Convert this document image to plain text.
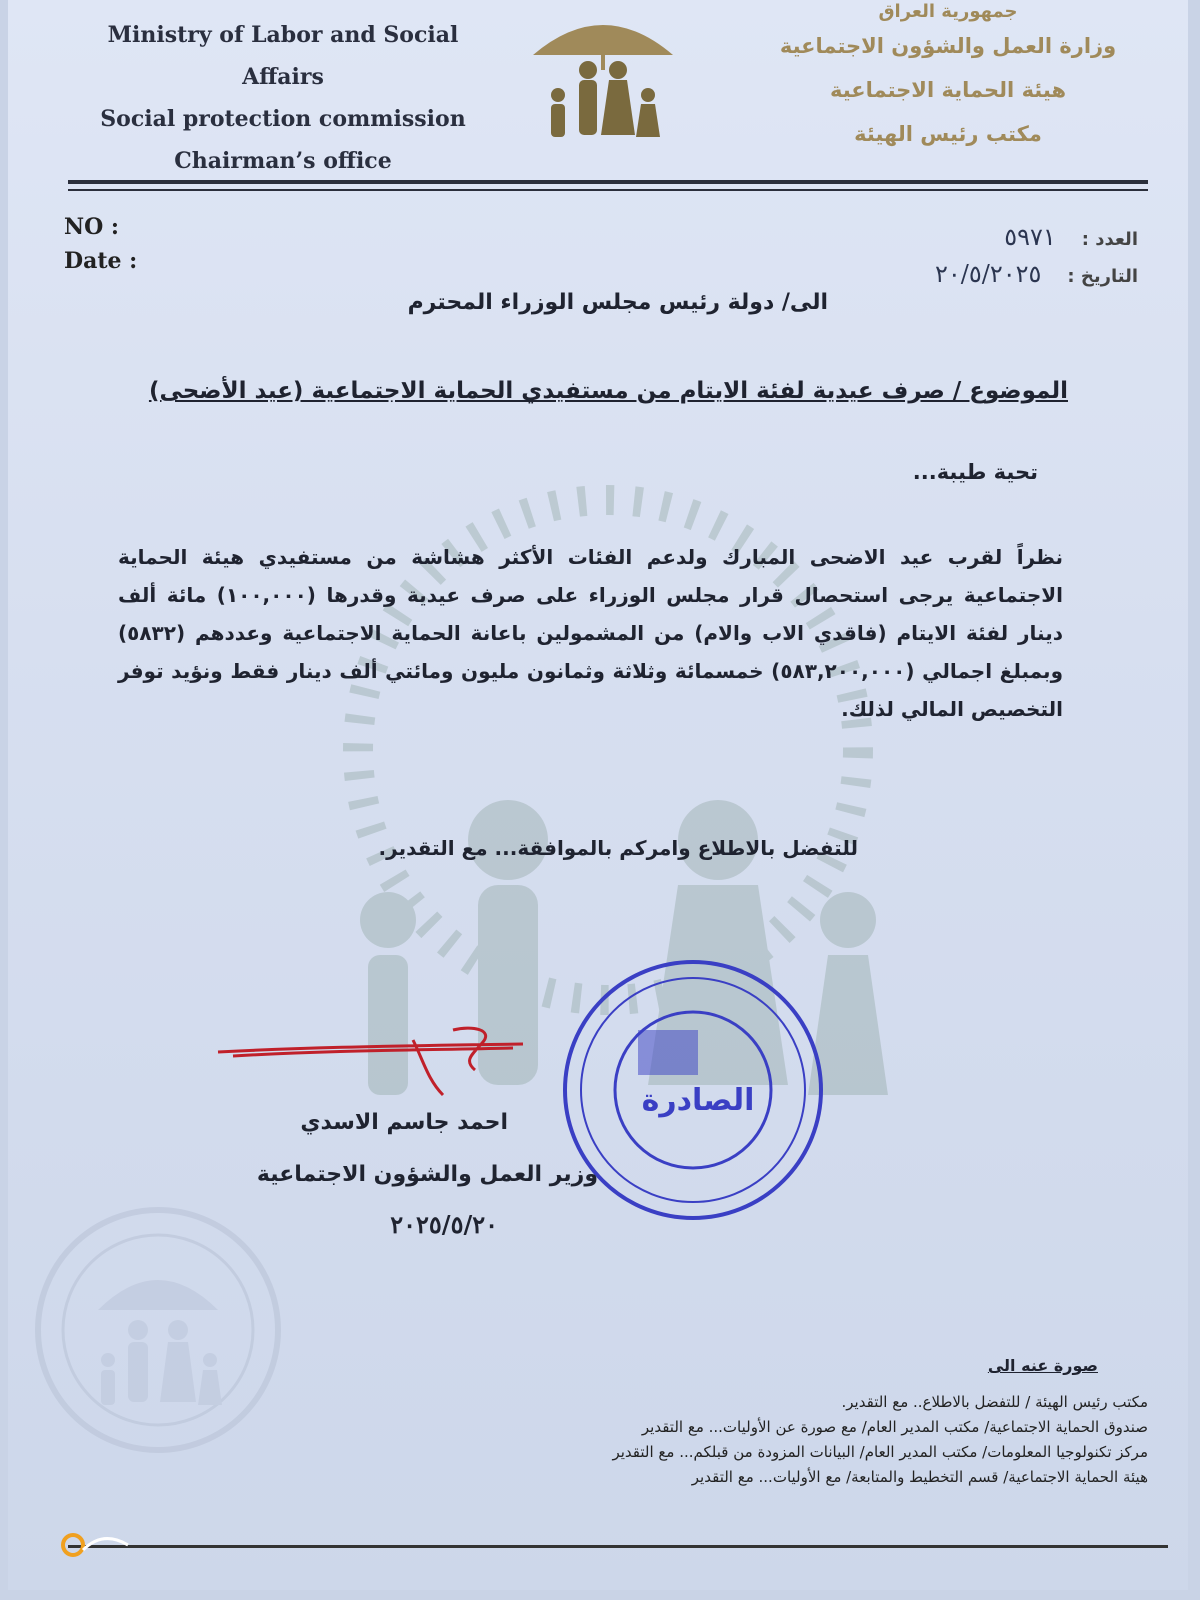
Ministry of Labor and Social Affairs
Social protection commission
Chairman’s office
جمهورية العراق
وزارة العمل والشؤون الاجتماعية
هيئة الحماية الاجتماعية
مكتب رئيس الهيئة
NO :
Date :
العدد :٥٩٧١
التاريخ :٢٠/٥/٢٠٢٥
الى/ دولة رئيس مجلس الوزراء المحترم
الموضوع / صرف عيدية لفئة الايتام من مستفيدي الحماية الاجتماعية (عيد الأضحى)
تحية طيبة...
نظراً لقرب عيد الاضحى المبارك ولدعم الفئات الأكثر هشاشة من مستفيدي هيئة الحماية الاجتماعية يرجى استحصال قرار مجلس الوزراء على صرف عيدية وقدرها (١٠٠,٠٠٠) مائة ألف دينار لفئة الايتام (فاقدي الاب والام) من المشمولين باعانة الحماية الاجتماعية وعددهم (٥٨٣٢) وبمبلغ اجمالي (٥٨٣,٢٠٠,٠٠٠) خمسمائة وثلاثة وثمانون مليون ومائتي ألف دينار فقط ونؤيد توفر التخصيص المالي لذلك.
للتفضل بالاطلاع وامركم بالموافقة... مع التقدير.
الصادرة
احمد جاسم الاسدي
وزير العمل والشؤون الاجتماعية
٢٠٢٥/٥/٢٠
صورة عنه الى
مكتب رئيس الهيئة / للتفضل بالاطلاع.. مع التقدير.
صندوق الحماية الاجتماعية/ مكتب المدير العام/ مع صورة عن الأوليات... مع التقدير
مركز تكنولوجيا المعلومات/ مكتب المدير العام/ البيانات المزودة من قبلكم... مع التقدير
هيئة الحماية الاجتماعية/ قسم التخطيط والمتابعة/ مع الأوليات... مع التقدير
